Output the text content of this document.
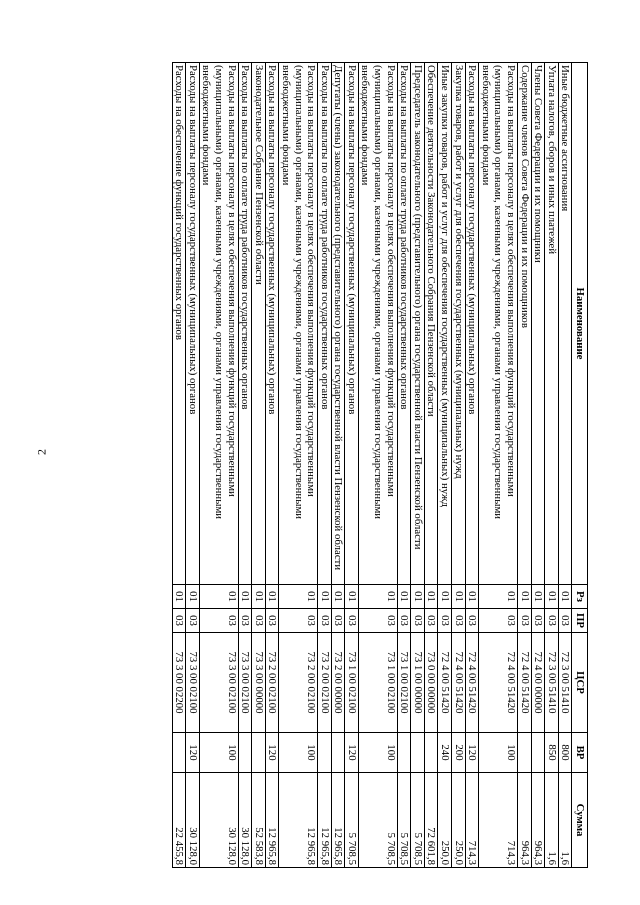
2
Наименование	Рз	ПР	ЦСР	ВР	Сумма
Иные бюджетные ассигнования	01	03	72 3 00 51410	800	1,6
Уплата налогов, сборов и иных платежей	01	03	72 3 00 51410	850	1,6
Члены Совета Федерации и их помощники	01	03	72 4 00 00000		964,3
Содержание членов Совета Федерации и их помощников	01	03	72 4 00 51420		964,3
Расходы на выплаты персоналу в целях обеспечения выполнения функций государственными (муниципальными) органами, казенными учреждениями, органами управления государственными внебюджетными фондами	01	03	72 4 00 51420	100	714,3
Расходы на выплаты персоналу государственных (муниципальных) органов	01	03	72 4 00 51420	120	714,3
Закупка товаров, работ и услуг для обеспечения государственных (муниципальных) нужд	01	03	72 4 00 51420	200	250,0
Иные закупки товаров, работ и услуг для обеспечения государственных (муниципальных) нужд	01	03	72 4 00 51420	240	250,0
Обеспечение деятельности Законодательного Собрания Пензенской области	01	03	73 0 00 00000		72 601,8
Председатель законодательного (представительного) органа государственной власти Пензенской области	01	03	73 1 00 00000		5 708,5
Расходы на выплаты по оплате труда работников государственных органов	01	03	73 1 00 02100		5 708,5
Расходы на выплаты персоналу в целях обеспечения выполнения функций государственными (муниципальными) органами, казенными учреждениями, органами управления государственными внебюджетными фондами	01	03	73 1 00 02100	100	5 708,5
Расходы на выплаты персоналу государственных (муниципальных) органов	01	03	73 1 00 02100	120	5 708,5
Депутаты (члены) законодательного (представительного) органа государственной власти Пензенской области	01	03	73 2 00 00000		12 965,8
Расходы на выплаты по оплате труда работников государственных органов	01	03	73 2 00 02100		12 965,8
Расходы на выплаты персоналу в целях обеспечения выполнения функций государственными (муниципальными) органами, казенными учреждениями, органами управления государственными внебюджетными фондами	01	03	73 2 00 02100	100	12 965,8
Расходы на выплаты персоналу государственных (муниципальных) органов	01	03	73 2 00 02100	120	12 965,8
Законодательное Собрание Пензенской области	01	03	73 3 00 00000		52 583,8
Расходы на выплаты по оплате труда работников государственных органов	01	03	73 3 00 02100		30 128,0
Расходы на выплаты персоналу в целях обеспечения выполнения функций государственными (муниципальными) органами, казенными учреждениями, органами управления государственными внебюджетными фондами	01	03	73 3 00 02100	100	30 128,0
Расходы на выплаты персоналу государственных (муниципальных) органов	01	03	73 3 00 02100	120	30 128,0
Расходы на обеспечение функций государственных органов	01	03	73 3 00 02200		22 455,8
